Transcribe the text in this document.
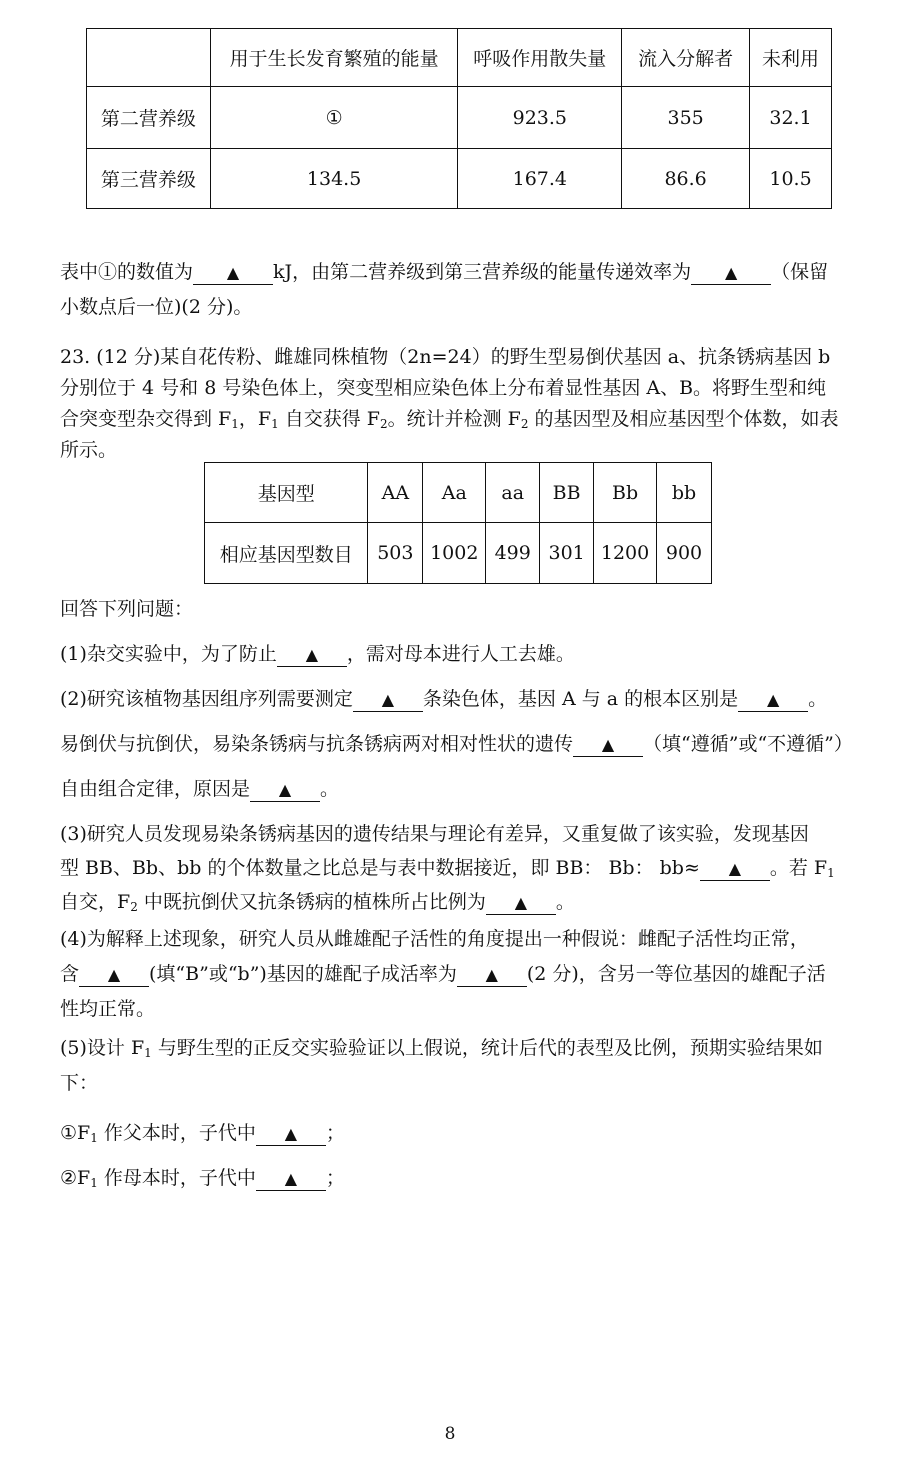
	用于生长发育繁殖的能量	呼吸作用散失量	流入分解者	未利用
第二营养级	①	923.5	355	32.1
第三营养级	134.5	167.4	86.6	10.5
表中①的数值为 ▲ kJ，由第二营养级到第三营养级的能量传递效率为 ▲ （保留
小数点后一位)(2 分)。
23. (12 分)某自花传粉、雌雄同株植物（2n=24）的野生型易倒伏基因 a、抗条锈病基因 b
分别位于 4 号和 8 号染色体上，突变型相应染色体上分布着显性基因 A、B。将野生型和纯
合突变型杂交得到 $F_1$，$F_1$ 自交获得 $F_2$。统计并检测 $F_2$ 的基因型及相应基因型个体数，如表
所示。
基因型	AA	Aa	aa	BB	Bb	bb
相应基因型数目	503	1002	499	301	1200	900
回答下列问题：
(1)杂交实验中，为了防止 ▲ ，需对母本进行人工去雄。
(2)研究该植物基因组序列需要测定 ▲ 条染色体，基因 A 与 a 的根本区别是 ▲ 。
易倒伏与抗倒伏，易染条锈病与抗条锈病两对相对性状的遗传 ▲ （填“遵循”或“不遵循”）
自由组合定律，原因是 ▲ 。
(3)研究人员发现易染条锈病基因的遗传结果与理论有差异，又重复做了该实验，发现基因
型 BB、Bb、bb 的个体数量之比总是与表中数据接近，即 BB： Bb： bb≈ ▲ 。若 $F_1$
自交，$F_2$ 中既抗倒伏又抗条锈病的植株所占比例为 ▲ 。
(4)为解释上述现象，研究人员从雌雄配子活性的角度提出一种假说：雌配子活性均正常，
含 ▲ (填“B”或“b”)基因的雄配子成活率为 ▲ (2 分)，含另一等位基因的雄配子活
性均正常。
(5)设计 $F_1$ 与野生型的正反交实验验证以上假说，统计后代的表型及比例，预期实验结果如
下：
$①F_1$ 作父本时，子代中 ▲ ；
$②F_1$ 作母本时，子代中 ▲ ；
8
